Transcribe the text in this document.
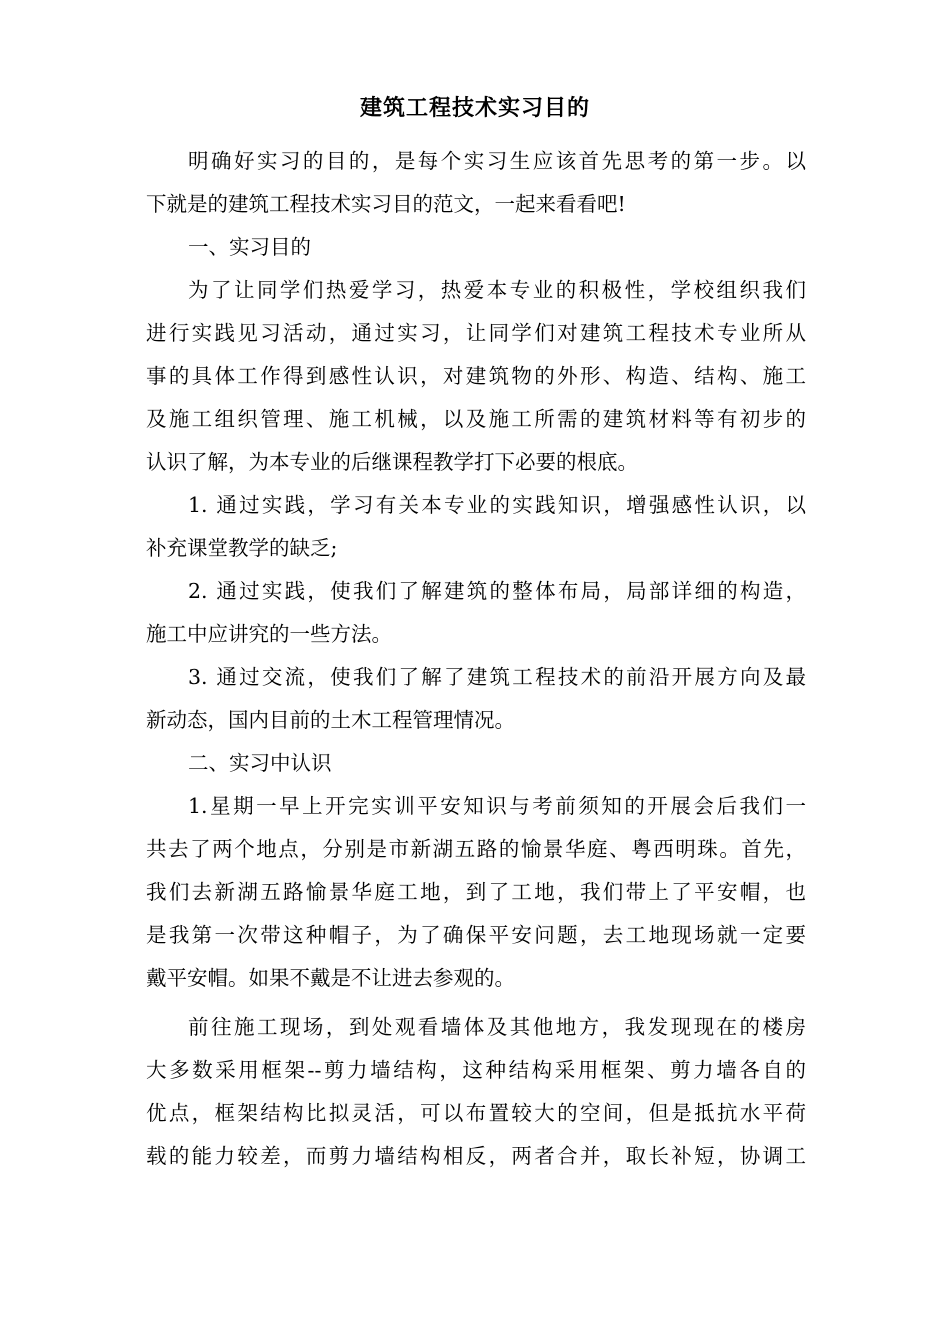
建筑工程技术实习目的
明确好实习的目的，是每个实习生应该首先思考的第一步。以
下就是的建筑工程技术实习目的范文，一起来看看吧!
一、实习目的
为了让同学们热爱学习，热爱本专业的积极性，学校组织我们
进行实践见习活动，通过实习，让同学们对建筑工程技术专业所从
事的具体工作得到感性认识，对建筑物的外形、构造、结构、施工
及施工组织管理、施工机械，以及施工所需的建筑材料等有初步的
认识了解，为本专业的后继课程教学打下必要的根底。
1. 通过实践，学习有关本专业的实践知识，增强感性认识，以
补充课堂教学的缺乏;
2. 通过实践，使我们了解建筑的整体布局，局部详细的构造，
施工中应讲究的一些方法。
3. 通过交流，使我们了解了建筑工程技术的前沿开展方向及最
新动态，国内目前的土木工程管理情况。
二、实习中认识
1.星期一早上开完实训平安知识与考前须知的开展会后我们一
共去了两个地点，分别是市新湖五路的愉景华庭、粤西明珠。首先，
我们去新湖五路愉景华庭工地，到了工地，我们带上了平安帽，也
是我第一次带这种帽子，为了确保平安问题，去工地现场就一定要
戴平安帽。如果不戴是不让进去参观的。
前往施工现场，到处观看墙体及其他地方，我发现现在的楼房
大多数采用框架--剪力墙结构，这种结构采用框架、剪力墙各自的
优点，框架结构比拟灵活，可以布置较大的空间，但是抵抗水平荷
载的能力较差，而剪力墙结构相反，两者合并，取长补短，协调工
